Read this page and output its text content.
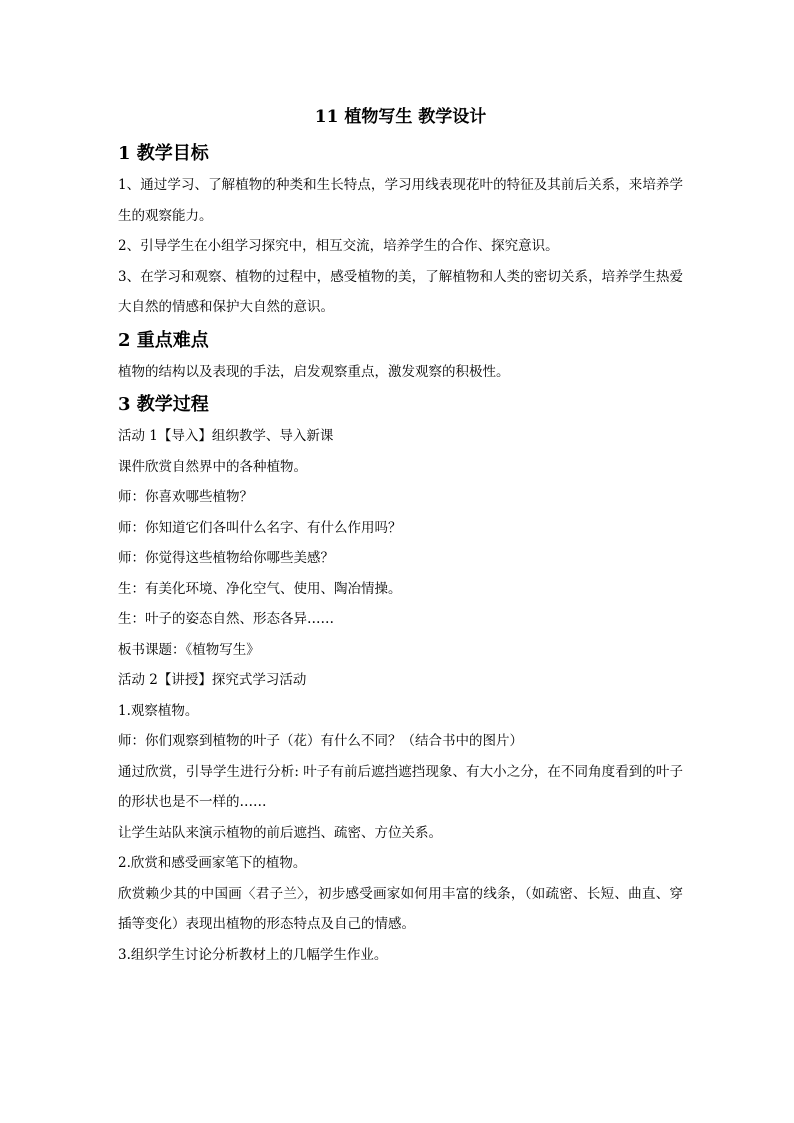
11 植物写生 教学设计
1 教学目标

1、通过学习、了解植物的种类和生长特点，学习用线表现花叶的特征及其前后关系，来培养学生的观察能力。

2、引导学生在小组学习探究中，相互交流，培养学生的合作、探究意识。

3、在学习和观察、植物的过程中，感受植物的美，了解植物和人类的密切关系，培养学生热爱大自然的情感和保护大自然的意识。

2 重点难点

植物的结构以及表现的手法，启发观察重点，激发观察的积极性。

3 教学过程

活动 1【导入】组织教学、导入新课

课件欣赏自然界中的各种植物。

师：你喜欢哪些植物？

师：你知道它们各叫什么名字、有什么作用吗？

师：你觉得这些植物给你哪些美感？

生：有美化环境、净化空气、使用、陶冶情操。

生：叶子的姿态自然、形态各异……

板书课题：《植物写生》

活动 2【讲授】探究式学习活动

1.观察植物。

师：你们观察到植物的叶子（花）有什么不同？（结合书中的图片）

通过欣赏，引导学生进行分析: 叶子有前后遮挡遮挡现象、有大小之分，在不同角度看到的叶子的形状也是不一样的……

让学生站队来演示植物的前后遮挡、疏密、方位关系。

2.欣赏和感受画家笔下的植物。

欣赏赖少其的中国画〈君子兰〉，初步感受画家如何用丰富的线条，（如疏密、长短、曲直、穿插等变化）表现出植物的形态特点及自己的情感。

3.组织学生讨论分析教材上的几幅学生作业。
